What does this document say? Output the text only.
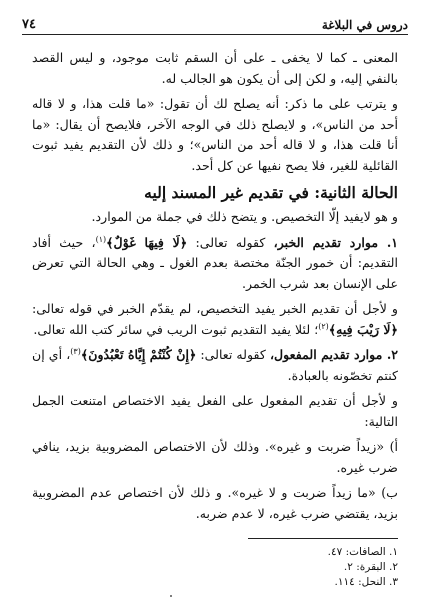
دروس في البلاغة
٧٤

المعنى ـ كما لا يخفى ـ على أن السقم ثابت موجود، و ليس القصد بالنفي إليه، و لكن إلى أن يكون هو الجالب له.

و يترتب على ما ذكر: أنه يصلح لك أن تقول: «ما قلت هذا، و لا قاله أحد من الناس»، و لايصلح ذلك في الوجه الآخر، فلايصح أن يقال: «ما أنا قلت هذا، و لا قاله أحد من الناس»؛ و ذلك لأن التقديم يفيد ثبوت القائلية للغير، فلا يصح نفيها عن كل أحد.

الحالة الثانية: في تقديم غير المسند إليه

و هو لايفيد إلّا التخصيص. و يتضح ذلك في جملة من الموارد.

١. موارد تقديم الخبر، كقوله تعالى: ﴿لَا فِيهَا غَوْلٌ﴾$^{(١)}$، حيث أفاد التقديم: أن خمور الجنّة مختصة بعدم الغول ـ وهي الحالة التي تعرض على الإنسان بعد شرب الخمر.

و لأجل أن تقديم الخبر يفيد التخصيص، لم يقدّم الخبر في قوله تعالى: ﴿لَا رَيْبَ فِيهِ﴾$^{(٢)}$؛ لئلا يفيد التقديم ثبوت الريب في سائر كتب الله تعالى.

٢. موارد تقديم المفعول، كقوله تعالى: ﴿إِنْ كُنْتُمْ إِيَّاهُ تَعْبُدُونَ﴾$^{(٣)}$، أي إن كنتم تخصّونه بالعبادة.

و لأجل أن تقديم المفعول على الفعل يفيد الاختصاص امتنعت الجمل التالية:

أ) «زيداً ضربت و غيره». وذلك لأن الاختصاص المضروبية بزيد، ينافي ضرب غيره.

ب) «ما زيداً ضربت و لا غيره». و ذلك لأن اختصاص عدم المضروبية بزيد، يقتضي ضرب غيره، لا عدم ضربه.

١. الصافات: ٤٧.
٢. البقرة: ٢.
٣. النحل: ١١٤.
